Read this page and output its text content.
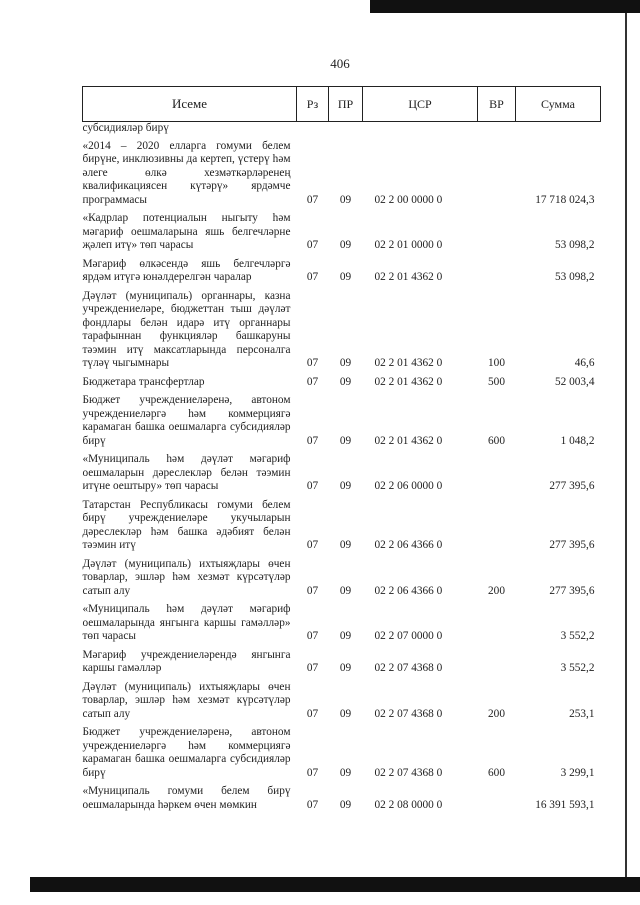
406
Исеме	Рз	ПР	ЦСР	ВР	Сумма
субсидияләр бирү					
«2014 – 2020 елларга гомуми белем бирүне, инклюзивны да кертеп, үстерү һәм әлеге өлкә хезмәткәрләренең квалификациясен күтәрү» ярдәмче программасы	07	09	02 2 00 0000 0		17 718 024,3
«Кадрлар потенциалын ныгыту һәм мәгариф оешмаларына яшь белгечләрне җәлеп итү» төп чарасы	07	09	02 2 01 0000 0		53 098,2
Мәгариф өлкәсендә яшь белгечләргә ярдәм итүгә юнәлдерелгән чаралар	07	09	02 2 01 4362 0		53 098,2
Дәүләт (муниципаль) органнары, казна учреждениеләре, бюджеттан тыш дәүләт фондлары белән идарә итү органнары тарафыннан функцияләр башкаруны тәэмин итү максатларында персоналга түләү чыгымнары	07	09	02 2 01 4362 0	100	46,6
Бюджетара трансфертлар	07	09	02 2 01 4362 0	500	52 003,4
Бюджет учреждениеләренә, автоном учреждениеләргә һәм коммерциягә карамаган башка оешмаларга субсидияләр бирү	07	09	02 2 01 4362 0	600	1 048,2
«Муниципаль һәм дәүләт мәгариф оешмаларын дәреслекләр белән тәэмин итүне оештыру» төп чарасы	07	09	02 2 06 0000 0		277 395,6
Татарстан Республикасы гомуми белем бирү учреждениеләре укучыларын дәреслекләр һәм башка әдәбият белән тәэмин итү	07	09	02 2 06 4366 0		277 395,6
Дәүләт (муниципаль) ихтыяҗлары өчен товарлар, эшләр һәм хезмәт күрсәтүләр сатып алу	07	09	02 2 06 4366 0	200	277 395,6
«Муниципаль һәм дәүләт мәгариф оешмаларында янгынга каршы гамәлләр» төп чарасы	07	09	02 2 07 0000 0		3 552,2
Мәгариф учреждениеләрендә янгынга каршы гамәлләр	07	09	02 2 07 4368 0		3 552,2
Дәүләт (муниципаль) ихтыяҗлары өчен товарлар, эшләр һәм хезмәт күрсәтүләр сатып алу	07	09	02 2 07 4368 0	200	253,1
Бюджет учреждениеләренә, автоном учреждениеләргә һәм коммерциягә карамаган башка оешмаларга субсидияләр бирү	07	09	02 2 07 4368 0	600	3 299,1
«Муниципаль гомуми белем бирү оешмаларында һәркем өчен мөмкин	07	09	02 2 08 0000 0		16 391 593,1
